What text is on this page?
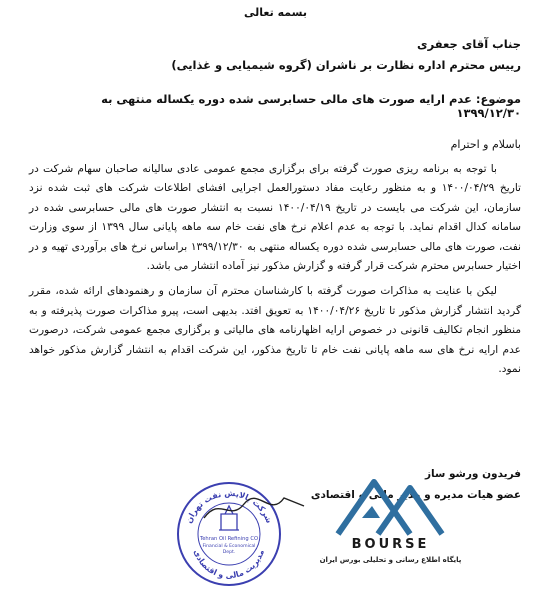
بسمه تعالی
جناب آقای جعفری
رییس محترم اداره نظارت بر ناشران (گروه شیمیایی و غذایی)
موضوع: عدم ارایه صورت های مالی حسابرسی شده دوره یکساله منتهی به ۱۳۹۹/۱۲/۳۰
باسلام و احترام

با توجه به برنامه ریزی صورت گرفته برای برگزاری مجمع عمومی عادی سالیانه صاحبان سهام شرکت در تاریخ ۱۴۰۰/۰۴/۲۹ و به منظور رعایت مفاد دستورالعمل اجرایی افشای اطلاعات شرکت های ثبت شده نزد سازمان، این شرکت می بایست در تاریخ ۱۴۰۰/۰۴/۱۹ نسبت به انتشار صورت های مالی حسابرسی شده در سامانه کدال اقدام نماید. با توجه به عدم اعلام نرخ های نفت خام سه ماهه پایانی سال ۱۳۹۹ از سوی وزارت نفت، صورت های مالی حسابرسی شده دوره یکساله منتهی به ۱۳۹۹/۱۲/۳۰ براساس نرخ های برآوردی تهیه و در اختیار حسابرس محترم شرکت قرار گرفته و گزارش مذکور نیز آماده انتشار می باشد.

لیکن با عنایت به مذاکرات صورت گرفته با کارشناسان محترم آن سازمان و رهنمودهای ارائه شده، مقرر گردید انتشار گزارش مذکور تا تاریخ ۱۴۰۰/۰۴/۲۶ به تعویق افتد. بدیهی است، پیرو مذاکرات صورت پذیرفته و به منظور انجام تکالیف قانونی در خصوص ارایه اظهارنامه های مالیاتی و برگزاری مجمع عمومی شرکت، درصورت عدم ارایه نرخ های سه ماهه پایانی نفت خام تا تاریخ مذکور، این شرکت اقدام به انتشار گزارش مذکور خواهد نمود.

فریدون ورشو ساز
عضو هیات مدیره و مدیر مالی و اقتصادی
شرکت پالایش نفت تهران
مدیریت مالی و اقتصادی
Tehran Oil Refining CO
Financial & Economical
Dept.
BOURSE
پایگاه اطلاع رسانی و تحلیلی بورس ایران
